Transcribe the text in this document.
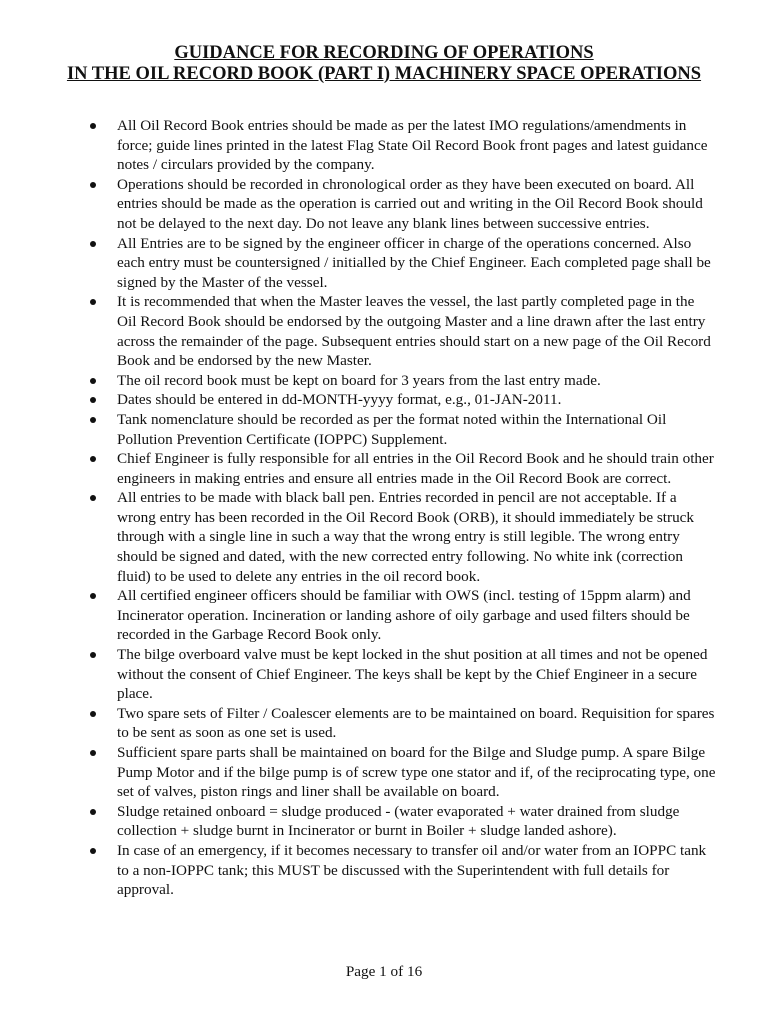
GUIDANCE FOR RECORDING OF OPERATIONS
IN THE OIL RECORD BOOK (PART I) MACHINERY SPACE OPERATIONS
All Oil Record Book entries should be made as per the latest IMO regulations/amendments in force; guide lines printed in the latest Flag State Oil Record Book front pages and latest guidance notes / circulars provided by the company.
Operations should be recorded in chronological order as they have been executed on board. All entries should be made as the operation is carried out and writing in the Oil Record Book should not be delayed to the next day. Do not leave any blank lines between successive entries.
All Entries are to be signed by the engineer officer in charge of the operations concerned. Also each entry must be countersigned / initialled by the Chief Engineer. Each completed page shall be signed by the Master of the vessel.
It is recommended that when the Master leaves the vessel, the last partly completed page in the Oil Record Book should be endorsed by the outgoing Master and a line drawn after the last entry across the remainder of the page. Subsequent entries should start on a new page of the Oil Record Book and be endorsed by the new Master.
The oil record book must be kept on board for 3 years from the last entry made.
Dates should be entered in dd-MONTH-yyyy format, e.g., 01-JAN-2011.
Tank nomenclature should be recorded as per the format noted within the International Oil Pollution Prevention Certificate (IOPPC) Supplement.
Chief Engineer is fully responsible for all entries in the Oil Record Book and he should train other engineers in making entries and ensure all entries made in the Oil Record Book are correct.
All entries to be made with black ball pen. Entries recorded in pencil are not acceptable. If a wrong entry has been recorded in the Oil Record Book (ORB), it should immediately be struck through with a single line in such a way that the wrong entry is still legible. The wrong entry should be signed and dated, with the new corrected entry following. No white ink (correction fluid) to be used to delete any entries in the oil record book.
All certified engineer officers should be familiar with OWS (incl. testing of 15ppm alarm) and Incinerator operation. Incineration or landing ashore of oily garbage and used filters should be recorded in the Garbage Record Book only.
The bilge overboard valve must be kept locked in the shut position at all times and not be opened without the consent of Chief Engineer. The keys shall be kept by the Chief Engineer in a secure place.
Two spare sets of Filter / Coalescer elements are to be maintained on board. Requisition for spares to be sent as soon as one set is used.
Sufficient spare parts shall be maintained on board for the Bilge and Sludge pump. A spare Bilge Pump Motor and if the bilge pump is of screw type one stator and if, of the reciprocating type, one set of valves, piston rings and liner shall be available on board.
Sludge retained onboard = sludge produced - (water evaporated + water drained from sludge collection + sludge burnt in Incinerator or burnt in Boiler + sludge landed ashore).
In case of an emergency, if it becomes necessary to transfer oil and/or water from an IOPPC tank to a non-IOPPC tank; this MUST be discussed with the Superintendent with full details for approval.
Page 1 of 16
